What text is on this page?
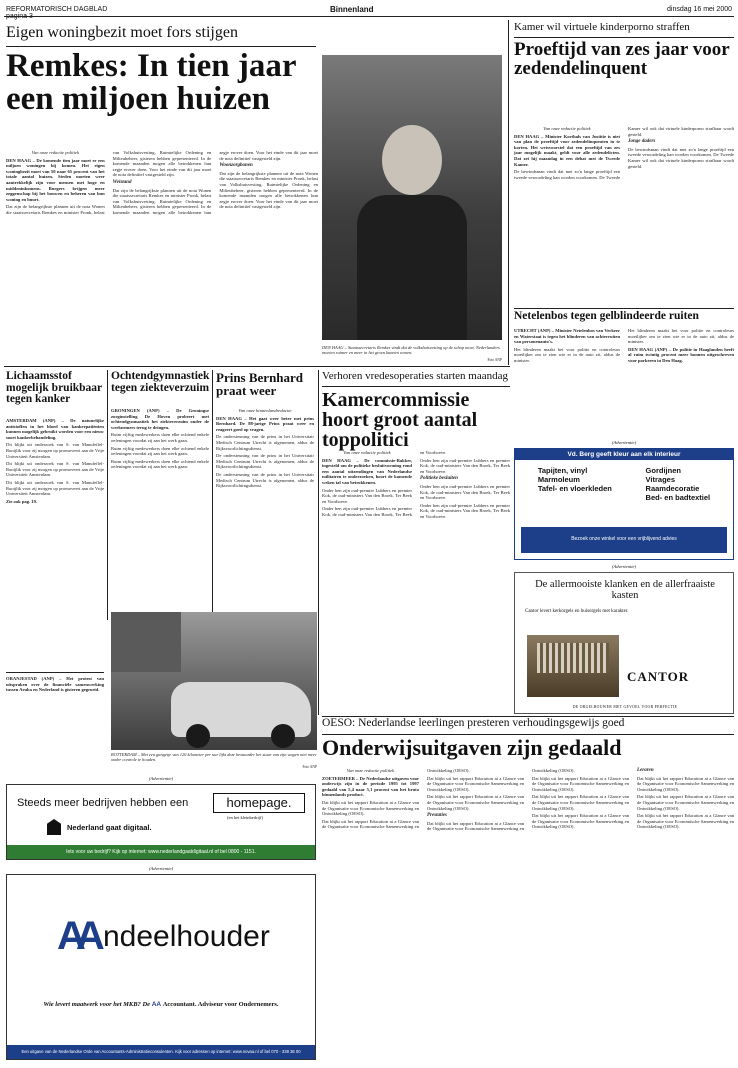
REFORMATORISCH DAGBLAD	Binnenland	dinsdag 16 mei 2000
Eigen woningbezit moet fors stijgen
Remkes: In tien jaar een miljoen huizen
Van onze redactie politiek

DEN HAAG – De komende tien jaar moet er een miljoen woningen bij komen. Het eigen woningbezit moet van 50 naar 65 procent van het totale aantal huizen. Steden moeten weer aantrekkelijk zijn voor mensen met hoge en middeninkomens. Burgers krijgen meer zeggenschap bij het bouwen en beheren van hun woning en buurt.

Dat zijn de belangrijkste plannen uit de nota Wonen die staatssecretaris Remkes en minister Pronk, belast van Volkshuisvesting, Ruimtelijke Ordening en Milieubeheer, gisteren hebben gepresenteerd. In de komende maanden mogen alle betrokkenen hun zegje erover doen. Voor het einde van dit jaar moet de nota definitief vastgesteld zijn.

Weistand

Dat zijn de belangrijkste plannen uit de nota Wonen die staatssecretaris Remkes en minister Pronk, belast van Volkshuisvesting, Ruimtelijke Ordening en Milieubeheer, gisteren hebben gepresenteerd. In de komende maanden mogen alle betrokkenen hun zegje erover doen. Voor het einde van dit jaar moet de nota definitief vastgesteld zijn.

Woonzorgbonen

Dat zijn de belangrijkste plannen uit de nota Wonen die staatssecretaris Remkes en minister Pronk, belast van Volkshuisvesting, Ruimtelijke Ordening en Milieubeheer, gisteren hebben gepresenteerd. In de komende maanden mogen alle betrokkenen hun zegje erover doen. Voor het einde van dit jaar moet de nota definitief vastgesteld zijn.

DEN HAAG – Staatssecretaris Remkes vindt dat de volkshuisvesting op de schop moet. Nederlanders moeten ruimer en meer in het groen kunnen wonen.
Foto ANP
Kamer wil virtuele kinderporno straffen
Proeftijd van zes jaar voor zedendelinquent
Van onze redactie politiek

DEN HAAG – Minister Korthals van Justitie is niet van plan de proeftijd voor zedendelinquenten in te korten. Het wetsvoorstel dat een proeftijd van zes jaar mogelijk maakt, geldt voor alle zedendelicten. Dat zei hij maandag in een debat met de Tweede Kamer.

De bewindsman vindt dat met zo'n lange proeftijd een tweede veroordeling kan worden voorkomen. De Tweede Kamer wil ook dat virtuele kinderporno strafbaar wordt gesteld.

Jonge daders

De bewindsman vindt dat met zo'n lange proeftijd een tweede veroordeling kan worden voorkomen. De Tweede Kamer wil ook dat virtuele kinderporno strafbaar wordt gesteld.

Netelenbos tegen gelblindeerde ruiten

UTRECHT (ANP) – Minister Netelenbos van Verkeer en Waterstaat is tegen het blinderen van achterruiten van personenauto's.

Het blinderen maakt het voor politie en controleurs moeilijker om te zien wie er in de auto zit, aldus de minister.

Het blinderen maakt het voor politie en controleurs moeilijker om te zien wie er in de auto zit, aldus de minister.

DEN HAAG (ANP) – De politie in Haaglanden heeft al ruim twintig procent meer bonnen uitgeschreven voor parkeren in Den Haag.

Lichaamsstof mogelijk bruikbaar tegen kanker

AMSTERDAM (ANP) – De natuurlijke antistoffen in het bloed van kankerpatiënten kunnen mogelijk gebruikt worden voor een nieuw soort kankerbehandeling.

Dit blijkt uit onderzoek van S. van Manufeffel-Ruoijlik voor zij morgen op promoveert aan de Vrije Universiteit Amsterdam.

Dit blijkt uit onderzoek van S. van Manufeffel-Ruoijlik voor zij morgen op promoveert aan de Vrije Universiteit Amsterdam.

Dit blijkt uit onderzoek van S. van Manufeffel-Ruoijlik voor zij morgen op promoveert aan de Vrije Universiteit Amsterdam.

Zie ook pag. 19.

ORANJESTAD (ANP) – Het protest van uitspraken over de financiële samenwerking tussen Aruba en Nederland is gisteren gegroeid.

Ochtendgymnastiek tegen ziekteverzuim

GRONINGEN (ANP) – De Groningse zorginstelling De Hoven probeert met ochtendgymnastiek het ziekteverzuim onder de werknemers terug te dringen.

Ruim vijftig medewerkers doen elke ochtend enkele oefeningen voordat zij aan het werk gaan.

Ruim vijftig medewerkers doen elke ochtend enkele oefeningen voordat zij aan het werk gaan.

Ruim vijftig medewerkers doen elke ochtend enkele oefeningen voordat zij aan het werk gaan.

Prins Bernhard praat weer
Van onze binnenlandredactie

DEN HAAG – Het gaat weer beter met prins Bernhard. De 88-jarige Prins praat weer en reageert goed op vragen.

De ondersteuning van de prins in het Universitair Medisch Centrum Utrecht is afgenomen, aldus de Rijksvoorlichtingsdienst.

De ondersteuning van de prins in het Universitair Medisch Centrum Utrecht is afgenomen, aldus de Rijksvoorlichtingsdienst.

De ondersteuning van de prins in het Universitair Medisch Centrum Utrecht is afgenomen, aldus de Rijksvoorlichtingsdienst.

ROTTERDAM – Met een gangetje van 120 kilometer per uur lijkt deze bestuurder het stuur van zijn wagen niet meer onder controle te houden.
Foto ANP
Verhoren vredesoperaties starten maandag
Kamercommissie hoort groot aantal toppolitici
Van onze redactie politiek

DEN HAAG – De commissie-Bakker, ingesteld om de politieke besluitvorming rond een aantal uitzendingen van Nederlandse militairen te onderzoeken, hoort de komende weken tal van betrokkenen.

Onder hen zijn oud-premier Lubbers en premier Kok, de oud-ministers Van den Broek, Ter Beek en Voorhoeve.

Onder hen zijn oud-premier Lubbers en premier Kok, de oud-ministers Van den Broek, Ter Beek en Voorhoeve.

Onder hen zijn oud-premier Lubbers en premier Kok, de oud-ministers Van den Broek, Ter Beek en Voorhoeve.

Politieke besluiten

Onder hen zijn oud-premier Lubbers en premier Kok, de oud-ministers Van den Broek, Ter Beek en Voorhoeve.

Onder hen zijn oud-premier Lubbers en premier Kok, de oud-ministers Van den Broek, Ter Beek en Voorhoeve.

(Advertentie)
Vd. Berg geeft kleur aan elk interieur
Tapijten, vinyl
Marmoleum
Tafel- en vloerkleden
Gordijnen
Vitrages
Raamdecoratie
Bed- en badtextiel
Bezoek onze winkel voor een vrijblijvend advies
(Advertentie)
De allermooiste klanken en de allerfraaiste kasten
Cantor levert kerkorgels en huisorgels met karakter.
CANTOR
DE ORGELBOUWER MET GEVOEL VOOR PERFECTIE
OESO: Nederlandse leerlingen presteren verhoudingsgewijs goed
Onderwijsuitgaven zijn gedaald
Van onze redactie politiek

ZOETERMEER – De Nederlandse uitgaven voor onderwijs zijn in de periode 1995 tot 1997 gedaald van 5,4 naar 5,1 procent van het bruto binnenlands product.

Dat blijkt uit het rapport Education at a Glance van de Organisatie voor Economische Samenwerking en Ontwikkeling (OESO).

Dat blijkt uit het rapport Education at a Glance van de Organisatie voor Economische Samenwerking en Ontwikkeling (OESO).

Dat blijkt uit het rapport Education at a Glance van de Organisatie voor Economische Samenwerking en Ontwikkeling (OESO).

Dat blijkt uit het rapport Education at a Glance van de Organisatie voor Economische Samenwerking en Ontwikkeling (OESO).

Prestaties

Dat blijkt uit het rapport Education at a Glance van de Organisatie voor Economische Samenwerking en Ontwikkeling (OESO).

Dat blijkt uit het rapport Education at a Glance van de Organisatie voor Economische Samenwerking en Ontwikkeling (OESO).

Dat blijkt uit het rapport Education at a Glance van de Organisatie voor Economische Samenwerking en Ontwikkeling (OESO).

Dat blijkt uit het rapport Education at a Glance van de Organisatie voor Economische Samenwerking en Ontwikkeling (OESO).

Leraren

Dat blijkt uit het rapport Education at a Glance van de Organisatie voor Economische Samenwerking en Ontwikkeling (OESO).

Dat blijkt uit het rapport Education at a Glance van de Organisatie voor Economische Samenwerking en Ontwikkeling (OESO).

Dat blijkt uit het rapport Education at a Glance van de Organisatie voor Economische Samenwerking en Ontwikkeling (OESO).

(Advertentie)
Steeds meer bedrijven hebben een	homepage.
(en het kleinbedrijf)
Nederland gaat digitaal.
Iets voor uw bedrijf? Kijk op internet: www.nederlandgaatdigitaal.nl of bel 0800 - 1151.
(Advertentie)
AA ndeelhouder
Wie levert maatwerk voor het MKB? De AA Accountant. Adviseur voor Ondernemers.
Een uitgave van de Nederlandse Orde van Accountants-Administratieconsulenten. Kijk voor adressen op internet: www.novaa.nl of bel 070 - 338 36 00
